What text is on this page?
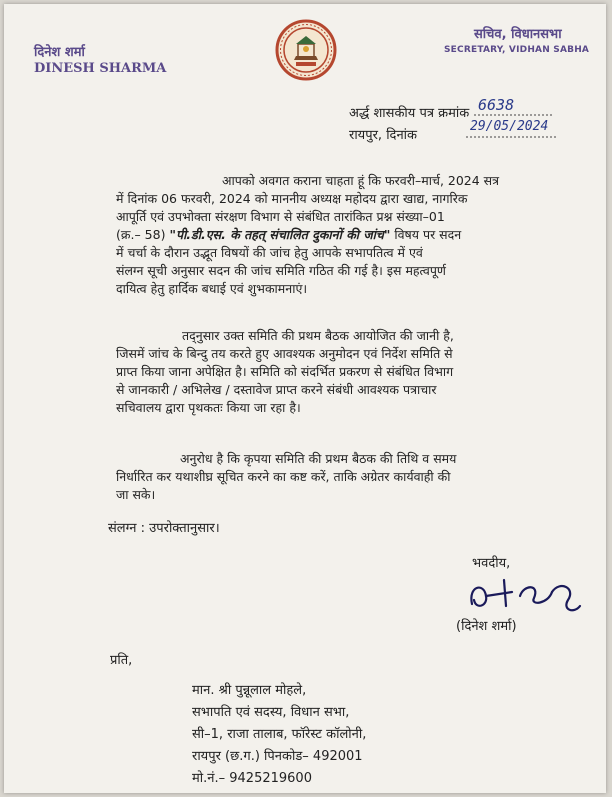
दिनेश शर्मा
DINESH SHARMA
सचिव, विधानसभा
SECRETARY, VIDHAN SABHA
अर्द्ध शासकीय पत्र क्रमांक 6638
रायपुर, दिनांक
29/05/2024
आपको अवगत कराना चाहता हूं कि फरवरी–मार्च, 2024 सत्र
में दिनांक 06 फरवरी, 2024 को माननीय अध्यक्ष महोदय द्वारा खाद्य, नागरिक
आपूर्ति एवं उपभोक्ता संरक्षण विभाग से संबंधित तारांकित प्रश्न संख्या–01
(क्र.– 58) "पी.डी.एस. के तहत् संचालित दुकानों की जांच" विषय पर सदन
में चर्चा के दौरान उद्भूत विषयों की जांच हेतु आपके सभापतित्व में एवं
संलग्न सूची अनुसार सदन की जांच समिति गठित की गई है। इस महत्वपूर्ण
दायित्व हेतु हार्दिक बधाई एवं शुभकामनाएं।
तद्नुसार उक्त समिति की प्रथम बैठक आयोजित की जानी है,
जिसमें जांच के बिन्दु तय करते हुए आवश्यक अनुमोदन एवं निर्देश समिति से
प्राप्त किया जाना अपेक्षित है। समिति को संदर्भित प्रकरण से संबंधित विभाग
से जानकारी / अभिलेख / दस्तावेज प्राप्त करने संबंधी आवश्यक पत्राचार
सचिवालय द्वारा पृथकतः किया जा रहा है।
अनुरोध है कि कृपया समिति की प्रथम बैठक की तिथि व समय
निर्धारित कर यथाशीघ्र सूचित करने का कष्ट करें, ताकि अग्रेतर कार्यवाही की
जा सके।
संलग्न : उपरोक्तानुसार।
भवदीय,
(दिनेश शर्मा)
प्रति,
मान. श्री पुन्नूलाल मोहले,
सभापति एवं सदस्य, विधान सभा,
सी–1, राजा तालाब, फॉरेस्ट कॉलोनी,
रायपुर (छ.ग.) पिनकोड– 492001
मो.नं.– 9425219600
